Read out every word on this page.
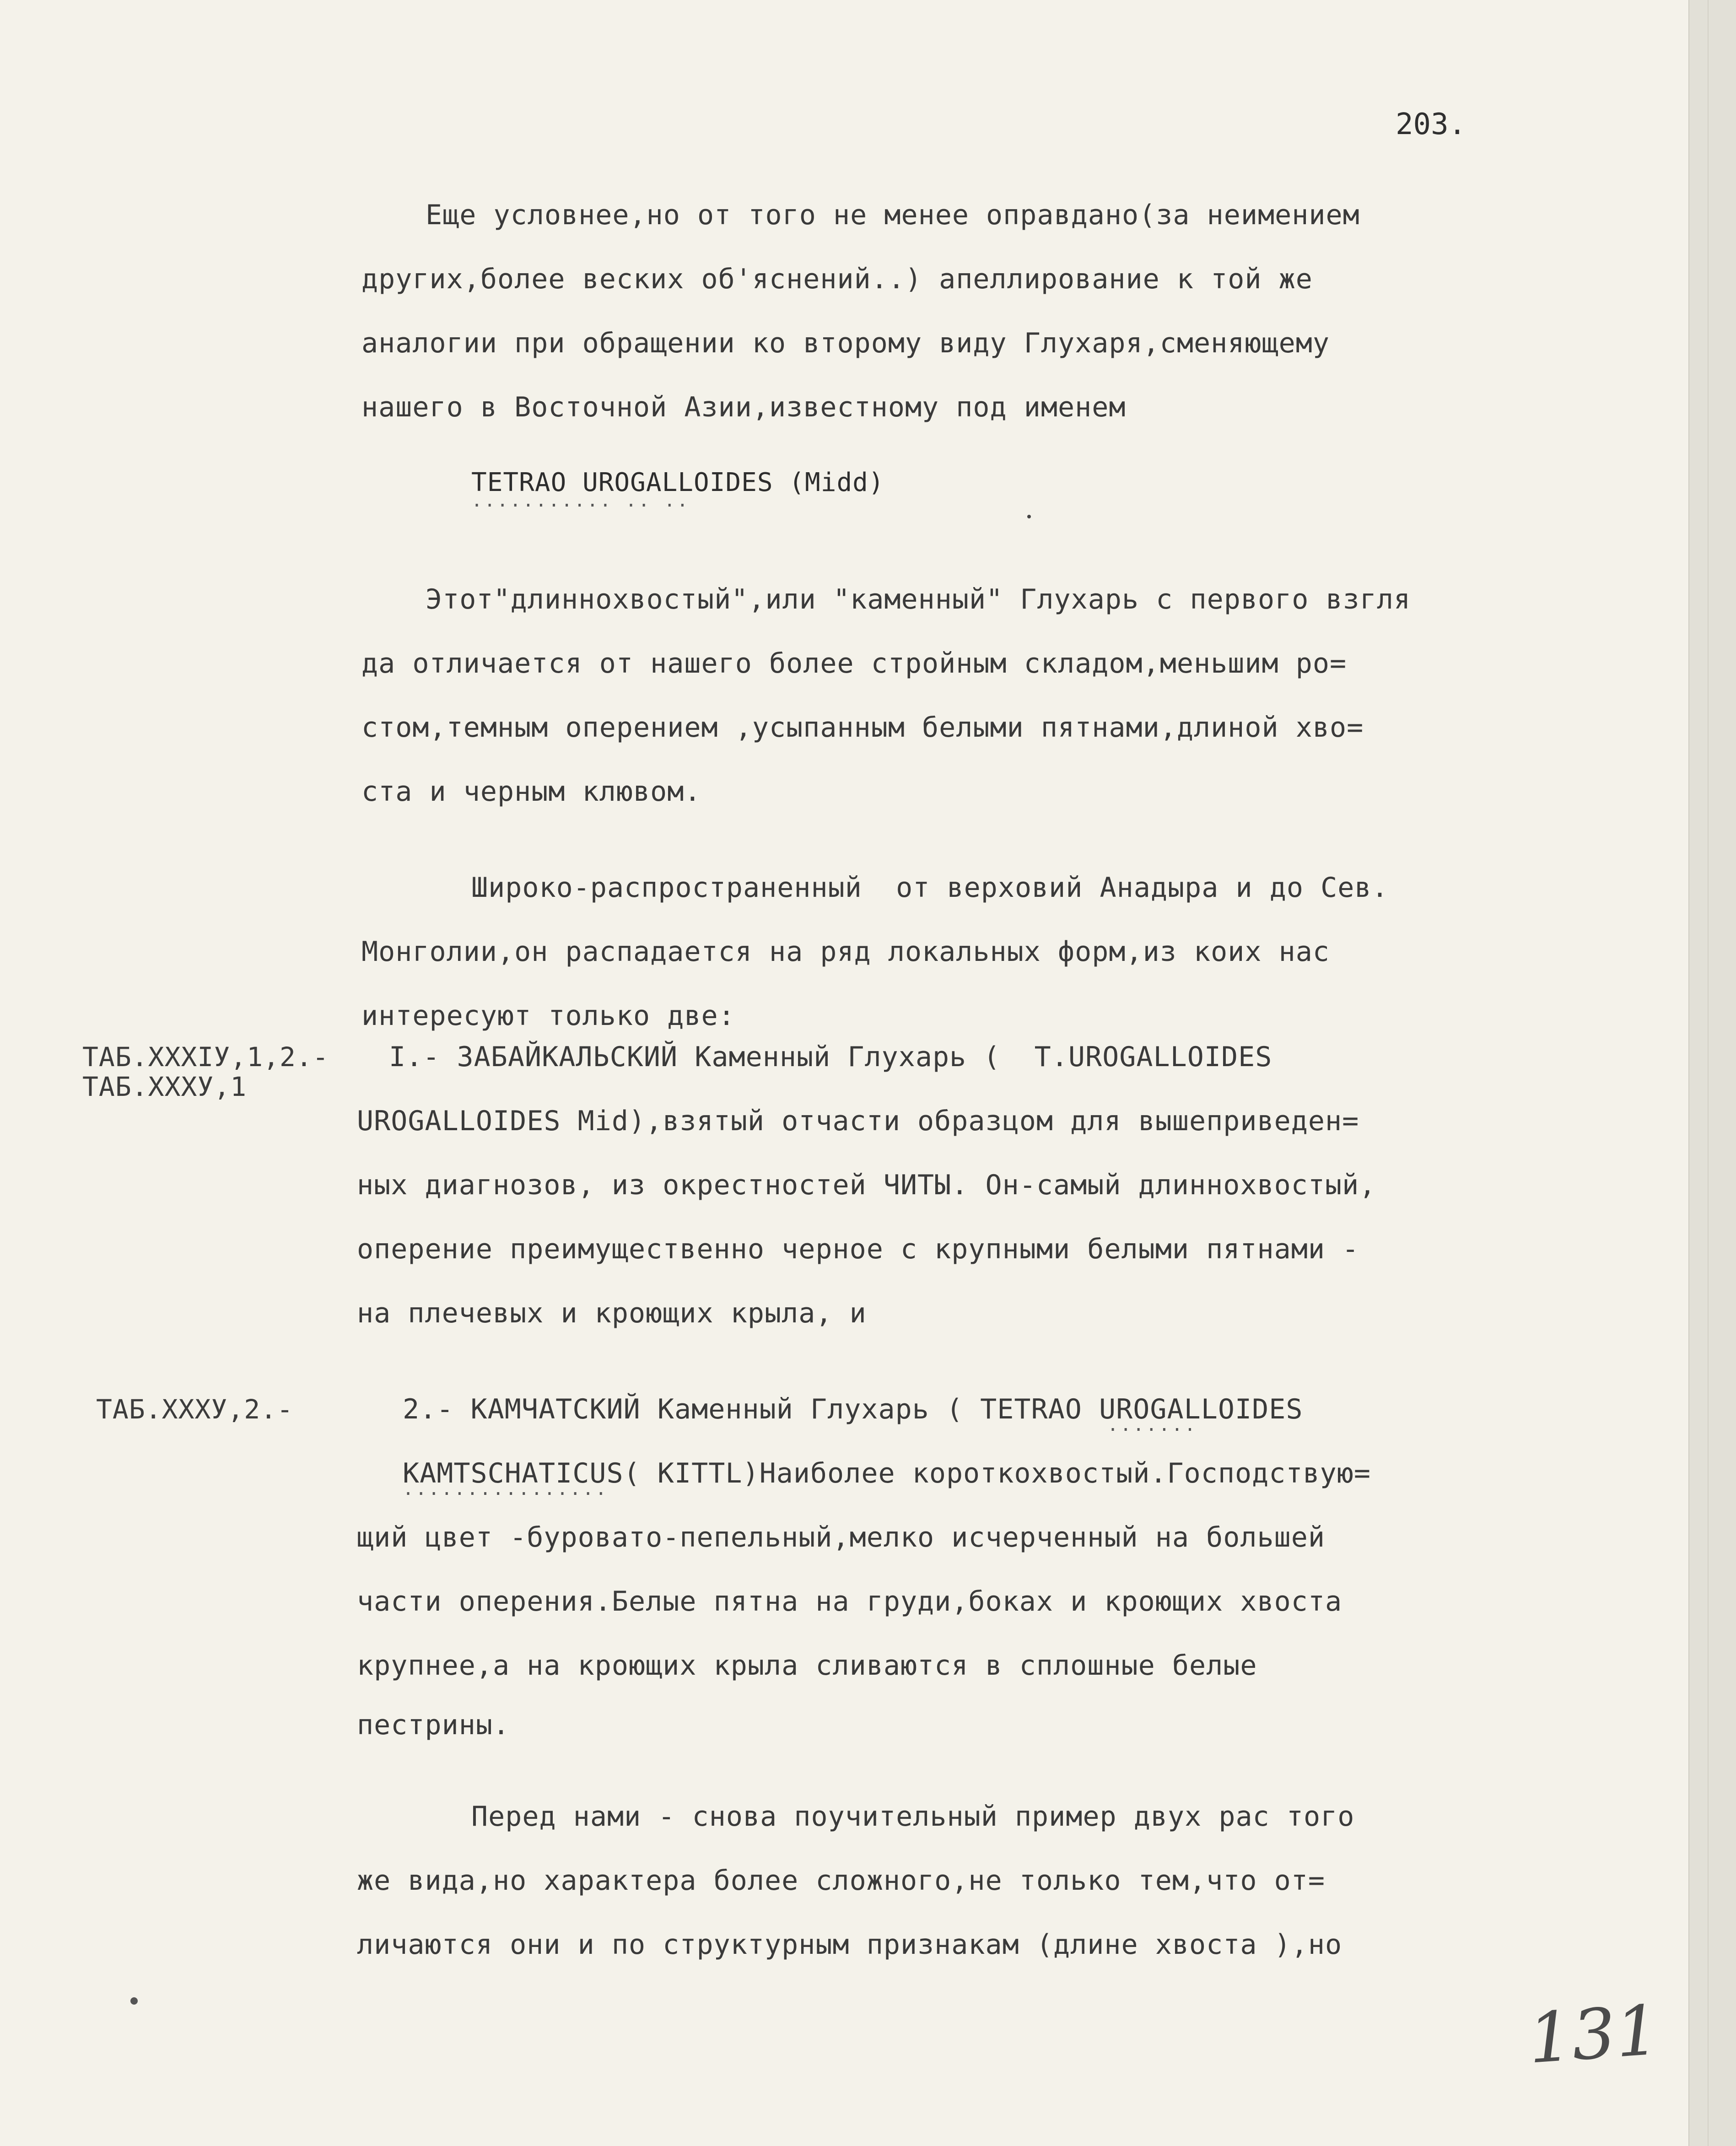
203.
Еще условнее,но от того не менее оправдано(за неимением
других,более веских об'яснений..) апеллирование к той же
аналогии при обращении ко второму виду Глухаря,сменяющему
нашего в Восточной Азии,известному под именем
TETRAO UROGALLOIDES (Midd)
··········· ·· ··
Этот"длиннохвостый",или "каменный" Глухарь с первого взгля
да отличается от нашего более стройным складом,меньшим ро=
стом,темным оперением ,усыпанным белыми пятнами,длиной хво=
ста и черным клювом.
Широко-распространенный  от верховий Анадыра и до Сев.
Монголии,он распадается на ряд локальных форм,из коих нас
интересуют только две:
ТАБ.XXXIУ,1,2.-
ТАБ.XXXУ,1
I.- ЗАБАЙКАЛЬСКИЙ Каменный Глухарь (  T.UROGALLOIDES
UROGALLOIDES Mid),взятый отчасти образцом для вышеприведен=
ных диагнозов, из окрестностей ЧИТЫ. Он-самый длиннохвостый,
оперение преимущественно черное с крупными белыми пятнами -
на плечевых и кроющих крыла, и
ТАБ.XXXУ,2.-	2.- КАМЧАТСКИЙ Каменный Глухарь ( TETRAO UROGALLOIDES
·······
KAMTSCHATICUS( KITTL)Наиболее короткохвостый.Господствую=
················
щий цвет -буровато-пепельный,мелко исчерченный на большей
части оперения.Белые пятна на груди,боках и кроющих хвоста
крупнее,а на кроющих крыла сливаются в сплошные белые
пестрины.
Перед нами - снова поучительный пример двух рас того
же вида,но характера более сложного,не только тем,что от=
личаются они и по структурным признакам (длине хвоста ),но
131
